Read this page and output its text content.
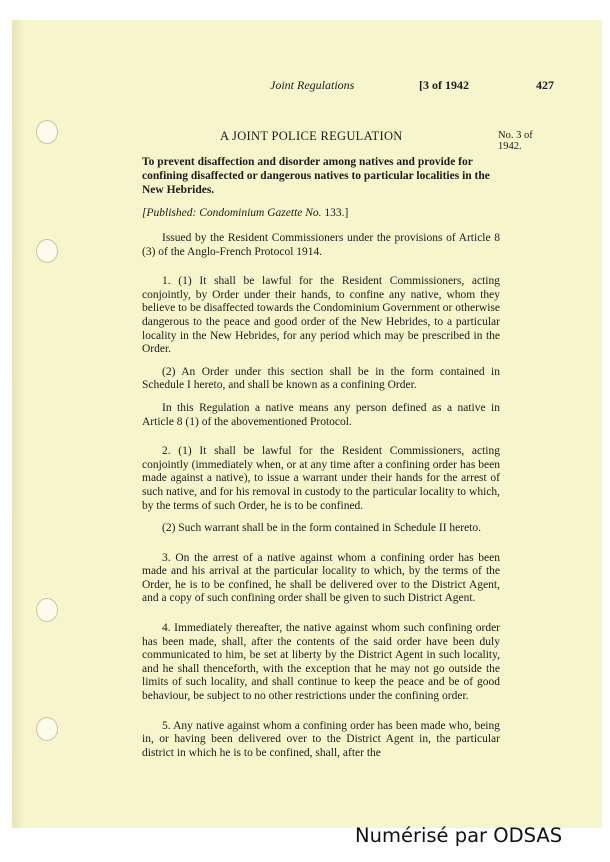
Joint Regulations	[3 of 1942	427
A JOINT POLICE REGULATION	No. 3 of
1942.
To prevent disaffection and disorder among natives and provide for confining disaffected or dangerous natives to particular localities in the New Hebrides.
[Published: Condominium Gazette No. 133.]

Issued by the Resident Commissioners under the provisions of Article 8 (3) of the Anglo-French Protocol 1914.

1. (1) It shall be lawful for the Resident Commissioners, acting conjointly, by Order under their hands, to confine any native, whom they believe to be disaffected towards the Condominium Government or otherwise dangerous to the peace and good order of the New Hebrides, to a particular locality in the New Hebrides, for any period which may be prescribed in the Order.

(2) An Order under this section shall be in the form contained in Schedule I hereto, and shall be known as a confining Order.

In this Regulation a native means any person defined as a native in Article 8 (1) of the abovementioned Protocol.

2. (1) It shall be lawful for the Resident Commissioners, acting conjointly (immediately when, or at any time after a confining order has been made against a native), to issue a warrant under their hands for the arrest of such native, and for his removal in custody to the particular locality to which, by the terms of such Order, he is to be confined.

(2) Such warrant shall be in the form contained in Schedule II hereto.

3. On the arrest of a native against whom a confining order has been made and his arrival at the particular locality to which, by the terms of the Order, he is to be confined, he shall be delivered over to the District Agent, and a copy of such confining order shall be given to such District Agent.

4. Immediately thereafter, the native against whom such confining order has been made, shall, after the contents of the said order have been duly communicated to him, be set at liberty by the District Agent in such locality, and he shall thenceforth, with the exception that he may not go outside the limits of such locality, and shall continue to keep the peace and be of good behaviour, be subject to no other restrictions under the confining order.

5. Any native against whom a confining order has been made who, being in, or having been delivered over to the District Agent in, the particular district in which he is to be confined, shall, after the

Numérisé par ODSAS
